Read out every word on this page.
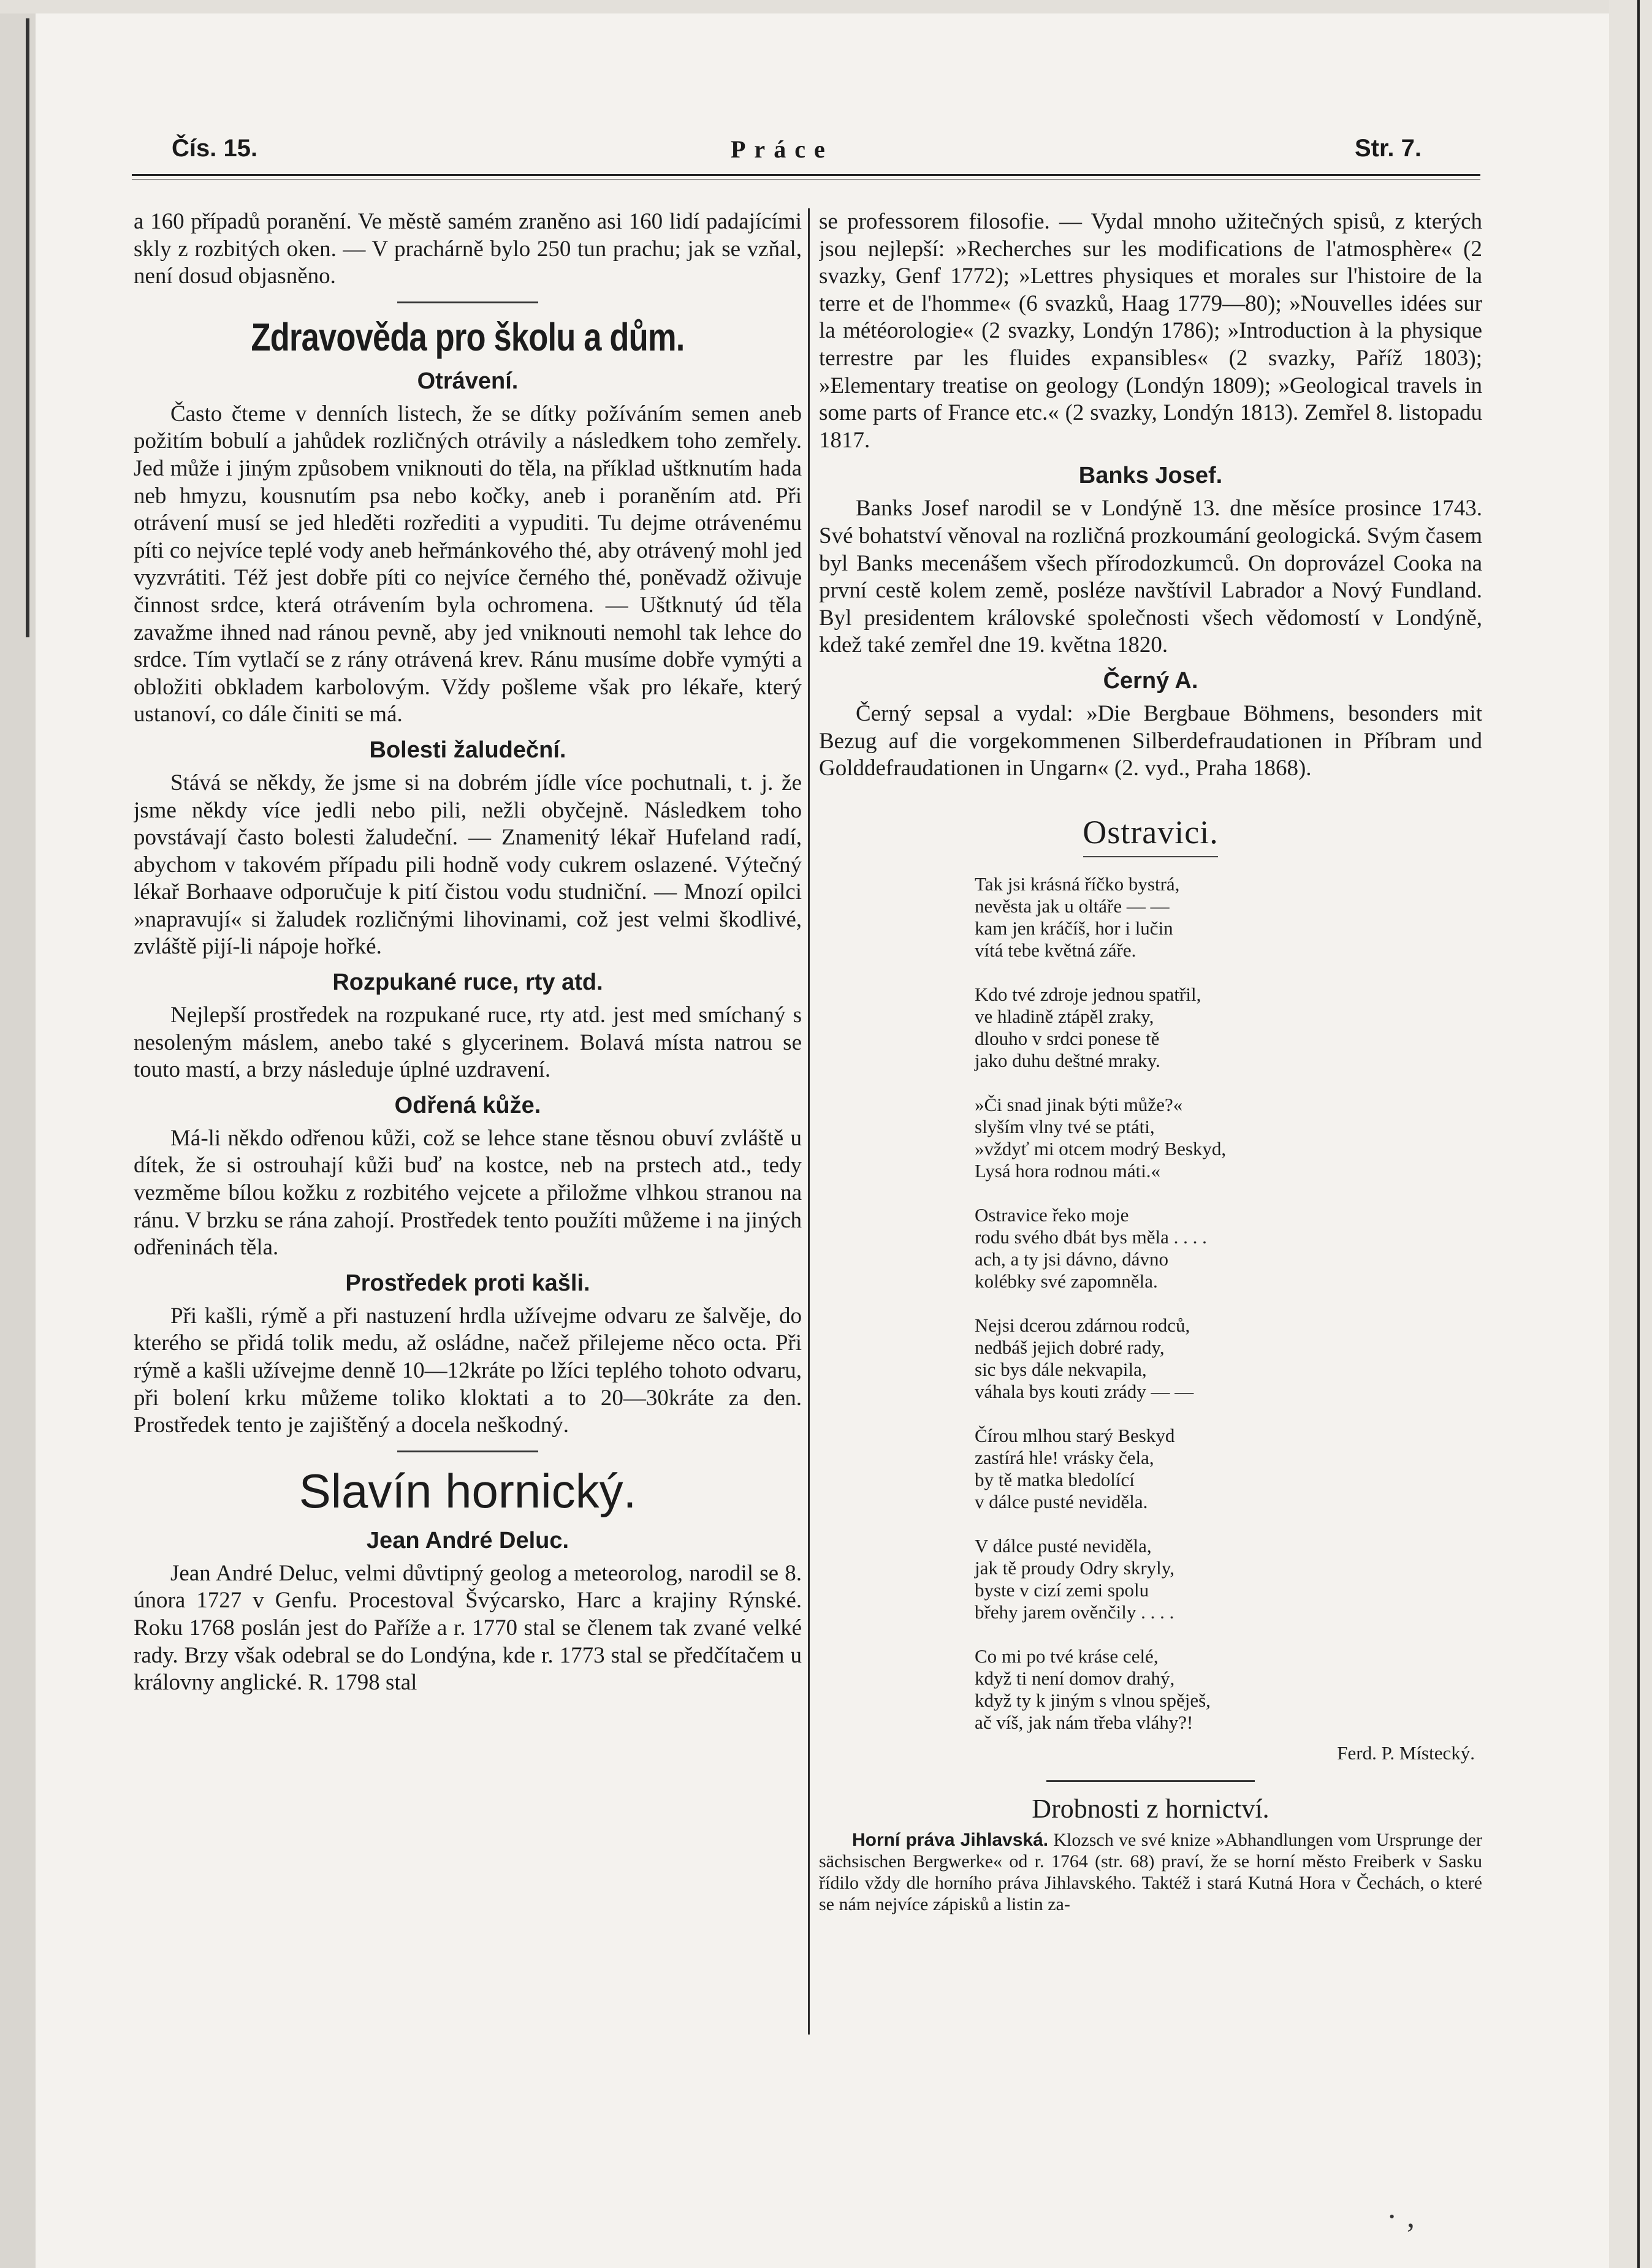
· ‚
Čís. 15.	Práce	Str. 7.

a 160 případů poranění. Ve městě samém zraněno asi 160 lidí padajícími skly z rozbitých oken. — V prachárně bylo 250 tun prachu; jak se vzňal, není dosud objasněno.

Zdravověda pro školu a dům.
Otrávení.

Často čteme v denních listech, že se dítky požíváním semen aneb požitím bobulí a jahůdek rozličných otrávily a následkem toho zemřely. Jed může i jiným způsobem vniknouti do těla, na příklad uštknutím hada neb hmyzu, kousnutím psa nebo kočky, aneb i poraněním atd. Při otrávení musí se jed hleděti rozřediti a vypuditi. Tu dejme otrávenému píti co nejvíce teplé vody aneb heřmánkového thé, aby otrávený mohl jed vyzvrátiti. Též jest dobře píti co nejvíce černého thé, poněvadž oživuje činnost srdce, která otrávením byla ochromena. — Uštknutý úd těla zavažme ihned nad ránou pevně, aby jed vniknouti nemohl tak lehce do srdce. Tím vytlačí se z rány otrávená krev. Ránu musíme dobře vymýti a obložiti obkladem karbolovým. Vždy pošleme však pro lékaře, který ustanoví, co dále činiti se má.

Bolesti žaludeční.

Stává se někdy, že jsme si na dobrém jídle více pochutnali, t. j. že jsme někdy více jedli nebo pili, nežli obyčejně. Následkem toho povstávají často bolesti žaludeční. — Znamenitý lékař Hufeland radí, abychom v takovém případu pili hodně vody cukrem oslazené. Výtečný lékař Borhaave odporučuje k pití čistou vodu studniční. — Mnozí opilci »napravují« si žaludek rozličnými lihovinami, což jest velmi škodlivé, zvláště pijí-li nápoje hořké.

Rozpukané ruce, rty atd.

Nejlepší prostředek na rozpukané ruce, rty atd. jest med smíchaný s nesoleným máslem, anebo také s glycerinem. Bolavá místa natrou se touto mastí, a brzy následuje úplné uzdravení.

Odřená kůže.

Má-li někdo odřenou kůži, což se lehce stane těsnou obuví zvláště u dítek, že si ostrouhají kůži buď na kostce, neb na prstech atd., tedy vezměme bílou kožku z rozbitého vejcete a přiložme vlhkou stranou na ránu. V brzku se rána zahojí. Prostředek tento použíti můžeme i na jiných odřeninách těla.

Prostředek proti kašli.

Při kašli, rýmě a při nastuzení hrdla užívejme odvaru ze šalvěje, do kterého se přidá tolik medu, až osládne, načež přilejeme něco octa. Při rýmě a kašli užívejme denně 10—12kráte po lžíci teplého tohoto odvaru, při bolení krku můžeme toliko kloktati a to 20—30kráte za den. Prostředek tento je zajištěný a docela neškodný.

Slavín hornický.
Jean André Deluc.

Jean André Deluc, velmi důvtipný geolog a meteorolog, narodil se 8. února 1727 v Genfu. Procestoval Švýcarsko, Harc a krajiny Rýnské. Roku 1768 poslán jest do Paříže a r. 1770 stal se členem tak zvané velké rady. Brzy však odebral se do Londýna, kde r. 1773 stal se předčítačem u královny anglické. R. 1798 stal

se professorem filosofie. — Vydal mnoho užitečných spisů, z kterých jsou nejlepší: »Recherches sur les modifications de l'atmosphère« (2 svazky, Genf 1772); »Lettres physiques et morales sur l'histoire de la terre et de l'homme« (6 svazků, Haag 1779—80); »Nouvelles idées sur la météorologie« (2 svazky, Londýn 1786); »Introduction à la physique terrestre par les fluides expansibles« (2 svazky, Paříž 1803); »Elementary treatise on geology (Londýn 1809); »Geological travels in some parts of France etc.« (2 svazky, Londýn 1813). Zemřel 8. listopadu 1817.

Banks Josef.

Banks Josef narodil se v Londýně 13. dne měsíce prosince 1743. Své bohatství věnoval na rozličná prozkoumání geologická. Svým časem byl Banks mecenášem všech přírodozkumců. On doprovázel Cooka na první cestě kolem země, posléze navštívil Labrador a Nový Fundland. Byl presidentem královské společnosti všech vědomostí v Londýně, kdež také zemřel dne 19. května 1820.

Černý A.

Černý sepsal a vydal: »Die Bergbaue Böhmens, besonders mit Bezug auf die vorgekommenen Silberdefraudationen in Příbram und Golddefraudationen in Ungarn« (2. vyd., Praha 1868).

Ostravici.
Tak jsi krásná říčko bystrá,
nevěsta jak u oltáře — —
kam jen kráčíš, hor i lučin
vítá tebe květná záře.
Kdo tvé zdroje jednou spatřil,
ve hladině ztápěl zraky,
dlouho v srdci ponese tě
jako duhu deštné mraky.
»Či snad jinak býti může?«
slyším vlny tvé se ptáti,
»vždyť mi otcem modrý Beskyd,
Lysá hora rodnou máti.«
Ostravice řeko moje
rodu svého dbát bys měla . . . .
ach, a ty jsi dávno, dávno
kolébky své zapomněla.
Nejsi dcerou zdárnou rodců,
nedbáš jejich dobré rady,
sic bys dále nekvapila,
váhala bys kouti zrády — —
Čírou mlhou starý Beskyd
zastírá hle! vrásky čela,
by tě matka bledolící
v dálce pusté neviděla.
V dálce pusté neviděla,
jak tě proudy Odry skryly,
byste v cizí zemi spolu
břehy jarem ověnčily . . . .
Co mi po tvé kráse celé,
když ti není domov drahý,
když ty k jiným s vlnou spěješ,
ač víš, jak nám třeba vláhy?!
Ferd. P. Místecký.
Drobnosti z hornictví.

Horní práva Jihlavská. Klozsch ve své knize »Abhandlungen vom Ursprunge der sächsischen Bergwerke« od r. 1764 (str. 68) praví, že se horní město Freiberk v Sasku řídilo vždy dle horního práva Jihlavského. Taktéž i stará Kutná Hora v Čechách, o které se nám nejvíce zápisků a listin za-
